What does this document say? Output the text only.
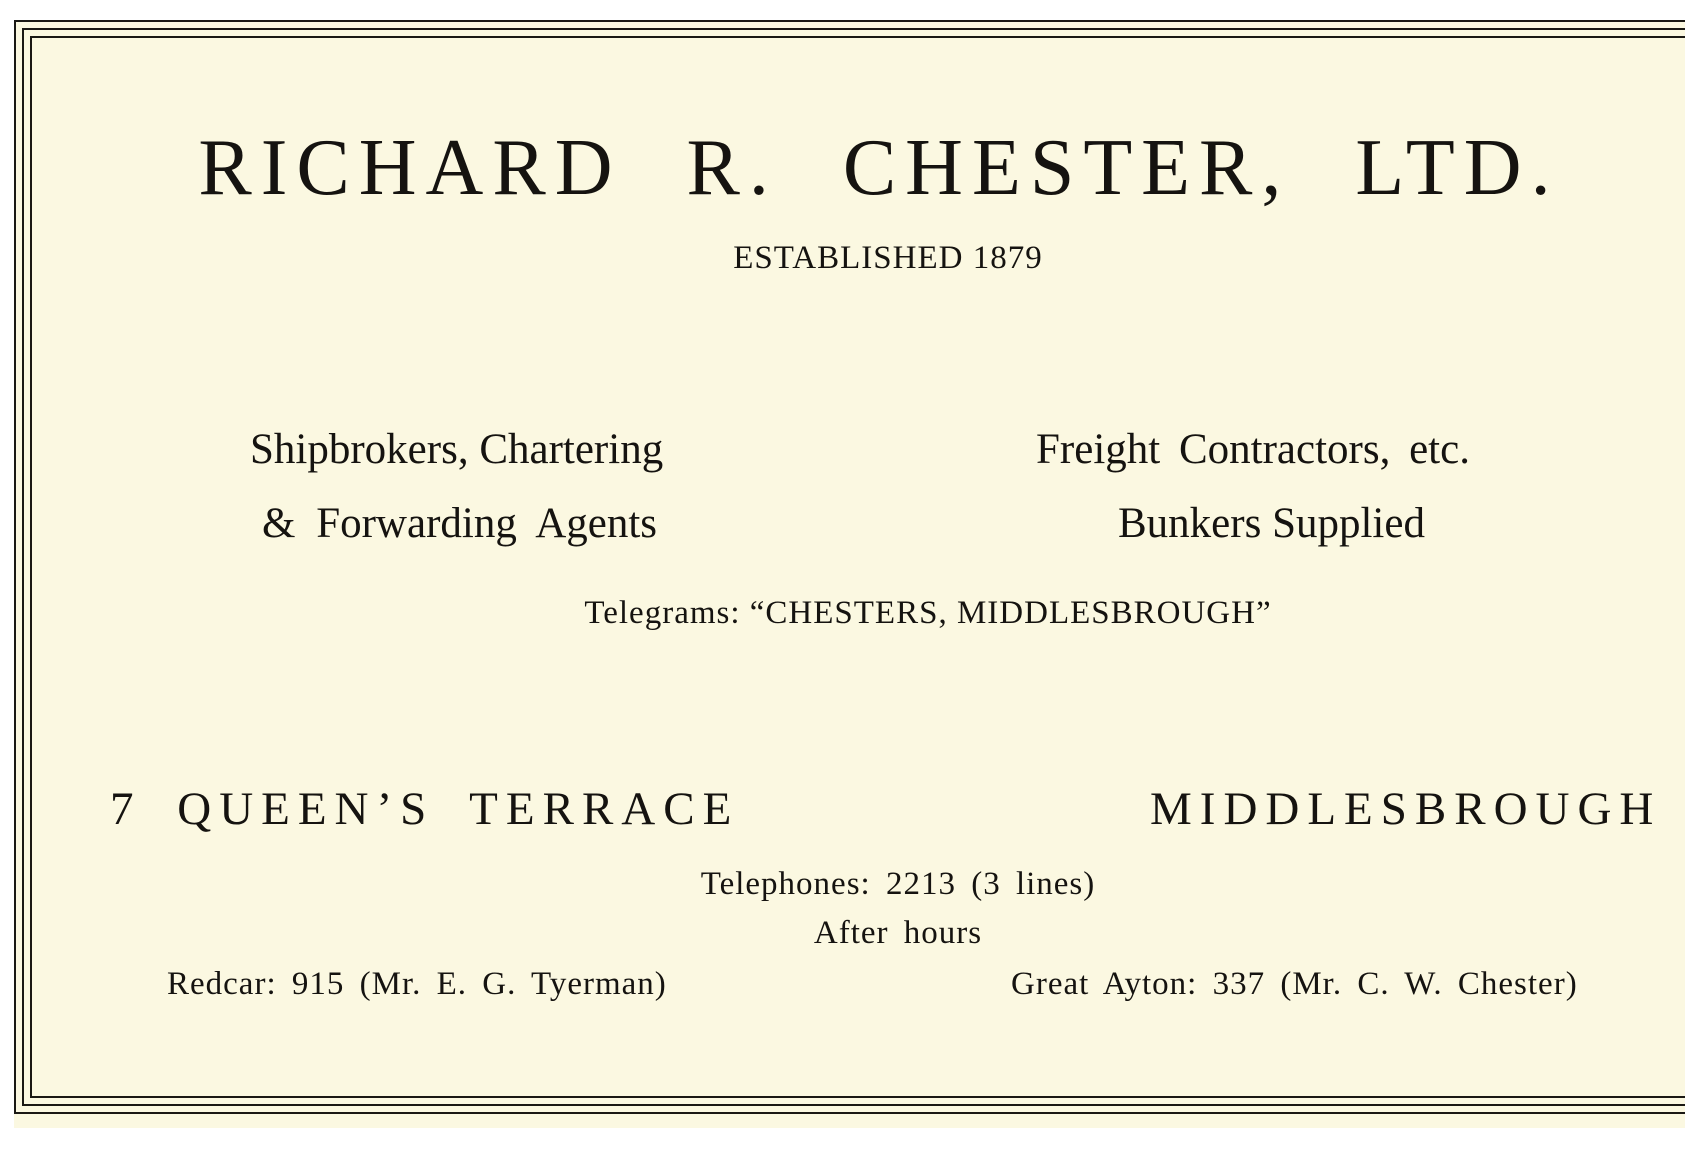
RICHARD R. CHESTER, LTD.
ESTABLISHED 1879
Shipbrokers, Chartering
& Forwarding Agents
Freight Contractors, etc.
Bunkers Supplied
Telegrams: “CHESTERS, MIDDLESBROUGH”
7 QUEEN’S TERRACE	MIDDLESBROUGH
Telephones: 2213 (3 lines)
After hours
Redcar: 915 (Mr. E. G. Tyerman)	Great Ayton: 337 (Mr. C. W. Chester)
